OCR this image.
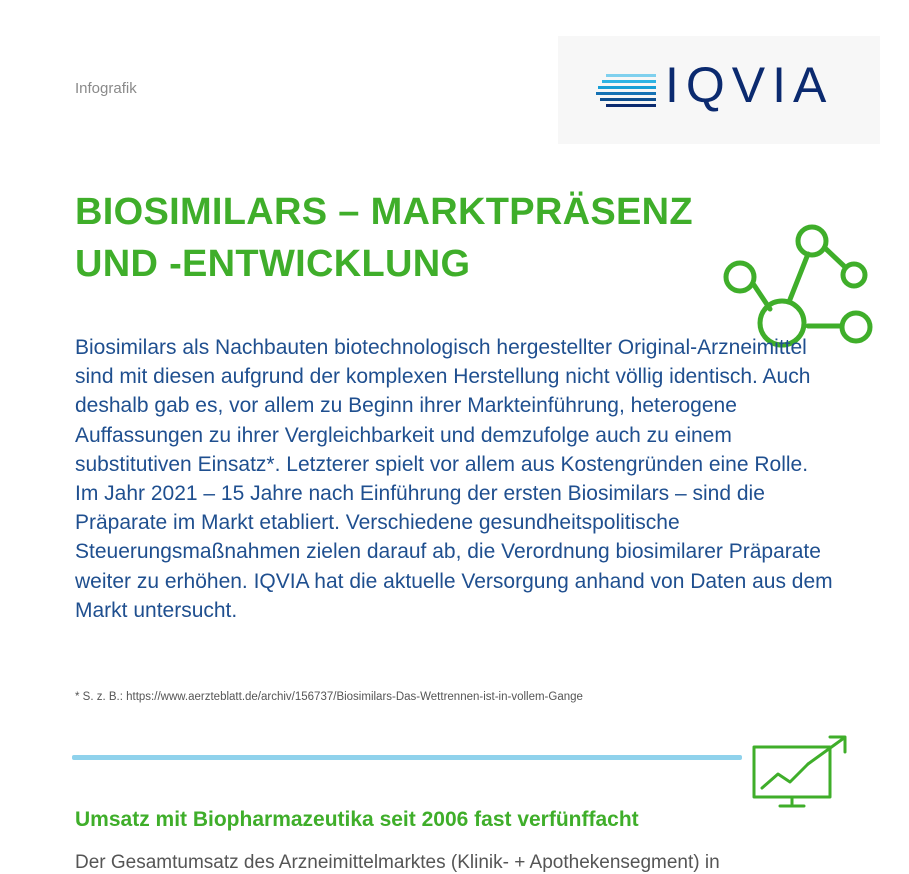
Infografik	IQVIA
BIOSIMILARS – MARKTPRÄSENZ
UND -ENTWICKLUNG

Biosimilars als Nachbauten biotechnologisch hergestellter Original-Arzneimittel sind mit diesen aufgrund der komplexen Herstellung nicht völlig identisch. Auch deshalb gab es, vor allem zu Beginn ihrer Markteinführung, heterogene Auffassungen zu ihrer Vergleichbarkeit und demzufolge auch zu einem substitutiven Einsatz*. Letzterer spielt vor allem aus Kostengründen eine Rolle. Im Jahr 2021 – 15 Jahre nach Einführung der ersten Biosimilars – sind die Präparate im Markt etabliert. Verschiedene gesundheitspolitische Steuerungsmaßnahmen zielen darauf ab, die Verordnung biosimilarer Präparate weiter zu erhöhen. IQVIA hat die aktuelle Versorgung anhand von Daten aus dem Markt untersucht.

* S. z. B.: https://www.aerzteblatt.de/archiv/156737/Biosimilars-Das-Wettrennen-ist-in-vollem-Gange
Umsatz mit Biopharmazeutika seit 2006 fast verfünffacht

Der Gesamtumsatz des Arzneimittelmarktes (Klinik- + Apothekensegment) in
